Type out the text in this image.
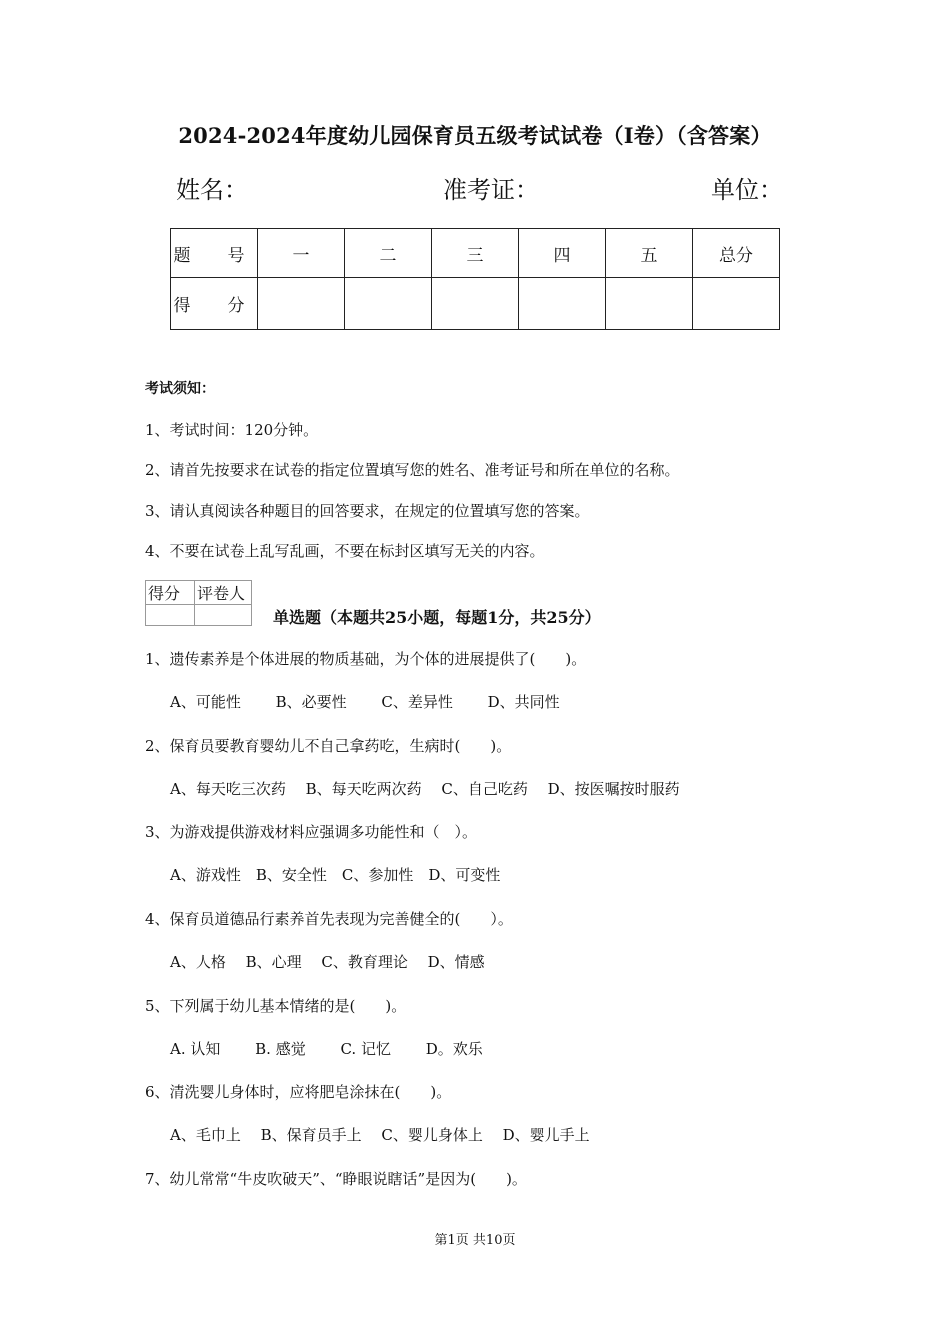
2024-2024年度幼儿园保育员五级考试试卷（I卷）（含答案）
姓名：	准考证：	单位：
题　号	一	二	三	四	五	总分
得　分						
考试须知：
1、考试时间：120分钟。
2、请首先按要求在试卷的指定位置填写您的姓名、准考证号和所在单位的名称。
3、请认真阅读各种题目的回答要求，在规定的位置填写您的答案。
4、不要在试卷上乱写乱画，不要在标封区填写无关的内容。
得分	评卷人

单选题（本题共25小题，每题1分，共25分）
1、遗传素养是个体进展的物质基础，为个体的进展提供了(　　)。
A、可能性　　 B、必要性　　 C、差异性　　 D、共同性
2、保育员要教育婴幼儿不自己拿药吃，生病时(　　)。
A、每天吃三次药　 B、每天吃两次药　 C、自己吃药　 D、按医嘱按时服药
3、为游戏提供游戏材料应强调多功能性和（　）。
A、游戏性　B、安全性　C、参加性　D、可变性
4、保育员道德品行素养首先表现为完善健全的(　　）。
A、人格　 B、心理　 C、教育理论　 D、情感
5、下列属于幼儿基本情绪的是(　　)。
A. 认知　　 B. 感觉　　 C. 记忆　　 D。欢乐
6、清洗婴儿身体时，应将肥皂涂抹在(　　)。
A、毛巾上　 B、保育员手上　 C、婴儿身体上　 D、婴儿手上
7、幼儿常常“牛皮吹破天”、“睁眼说瞎话”是因为(　　)。
第1页 共10页
